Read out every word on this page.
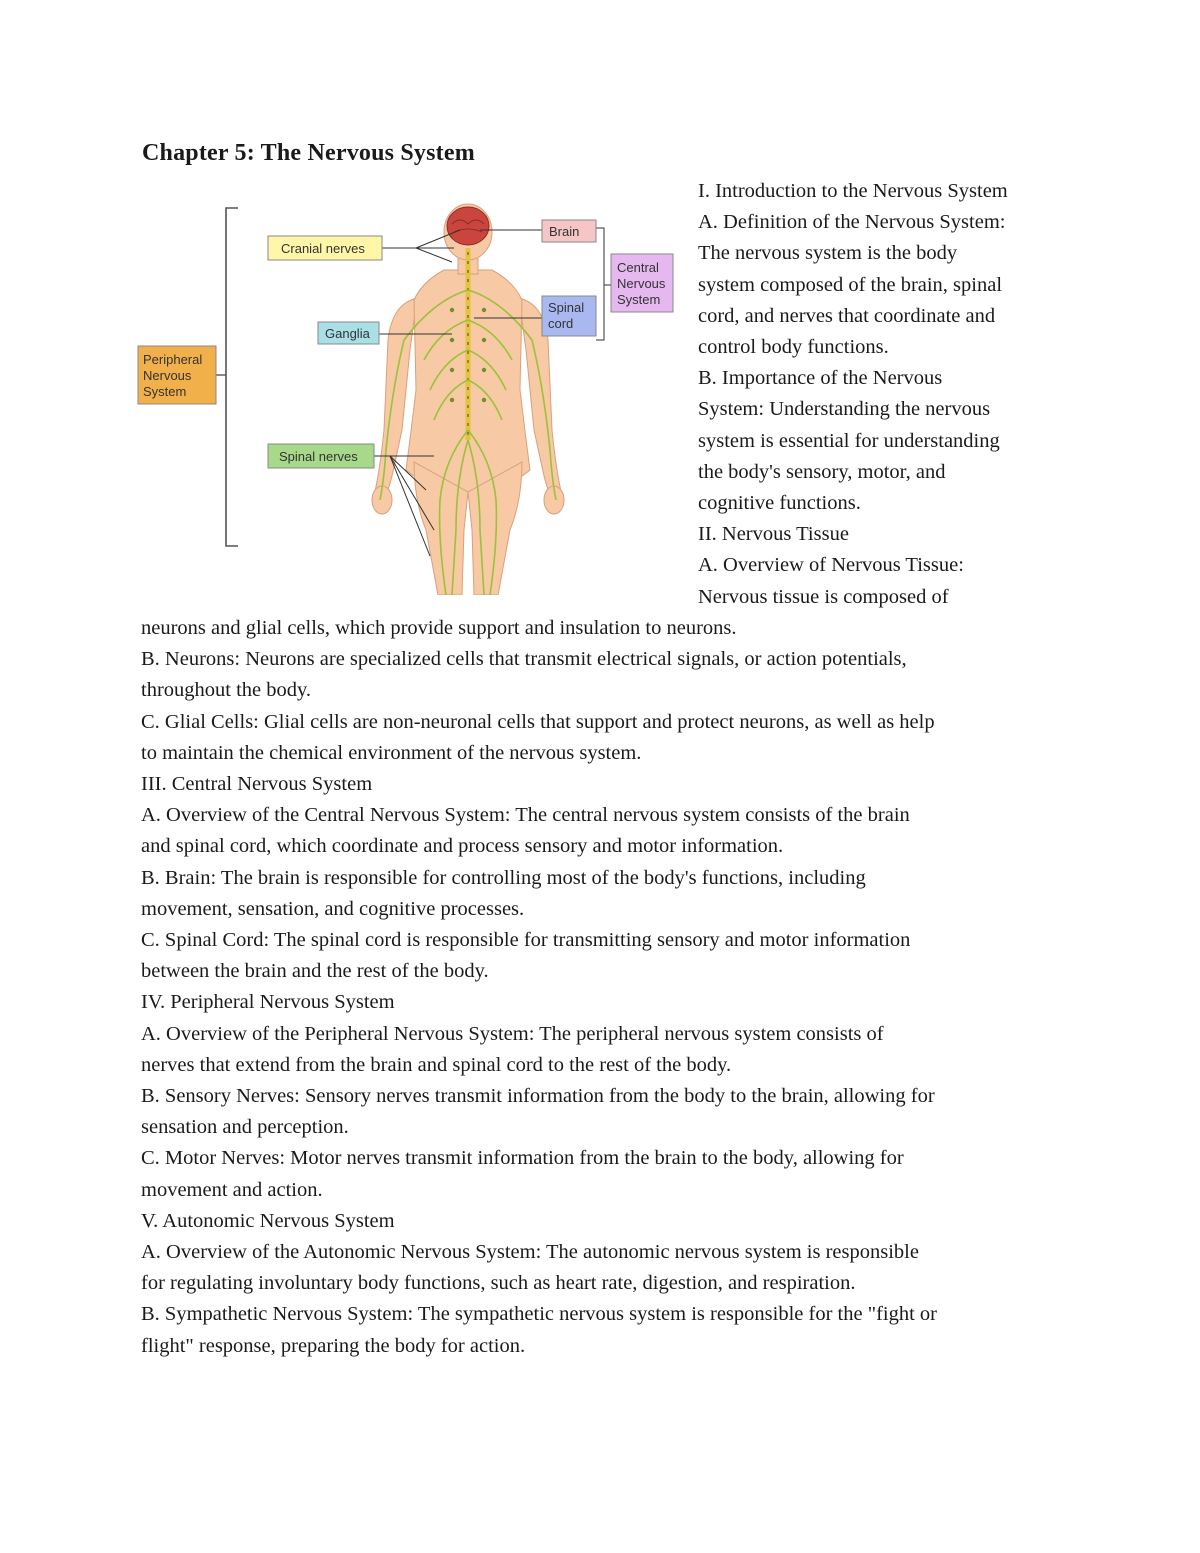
Chapter 5: The Nervous System
Cranial nerves
Ganglia
Spinal nerves
Brain
Spinal
cord
Central
Nervous
System
Peripheral
Nervous
System
I. Introduction to the Nervous System
A. Definition of the Nervous System:
The nervous system is the body
system composed of the brain, spinal
cord, and nerves that coordinate and
control body functions.
B. Importance of the Nervous
System: Understanding the nervous
system is essential for understanding
the body's sensory, motor, and
cognitive functions.
II. Nervous Tissue
A. Overview of Nervous Tissue:
Nervous tissue is composed of
neurons and glial cells, which provide support and insulation to neurons.
B. Neurons: Neurons are specialized cells that transmit electrical signals, or action potentials,
throughout the body.
C. Glial Cells: Glial cells are non-neuronal cells that support and protect neurons, as well as help
to maintain the chemical environment of the nervous system.
III. Central Nervous System
A. Overview of the Central Nervous System: The central nervous system consists of the brain
and spinal cord, which coordinate and process sensory and motor information.
B. Brain: The brain is responsible for controlling most of the body's functions, including
movement, sensation, and cognitive processes.
C. Spinal Cord: The spinal cord is responsible for transmitting sensory and motor information
between the brain and the rest of the body.
IV. Peripheral Nervous System
A. Overview of the Peripheral Nervous System: The peripheral nervous system consists of
nerves that extend from the brain and spinal cord to the rest of the body.
B. Sensory Nerves: Sensory nerves transmit information from the body to the brain, allowing for
sensation and perception.
C. Motor Nerves: Motor nerves transmit information from the brain to the body, allowing for
movement and action.
V. Autonomic Nervous System
A. Overview of the Autonomic Nervous System: The autonomic nervous system is responsible
for regulating involuntary body functions, such as heart rate, digestion, and respiration.
B. Sympathetic Nervous System: The sympathetic nervous system is responsible for the "fight or
flight" response, preparing the body for action.
